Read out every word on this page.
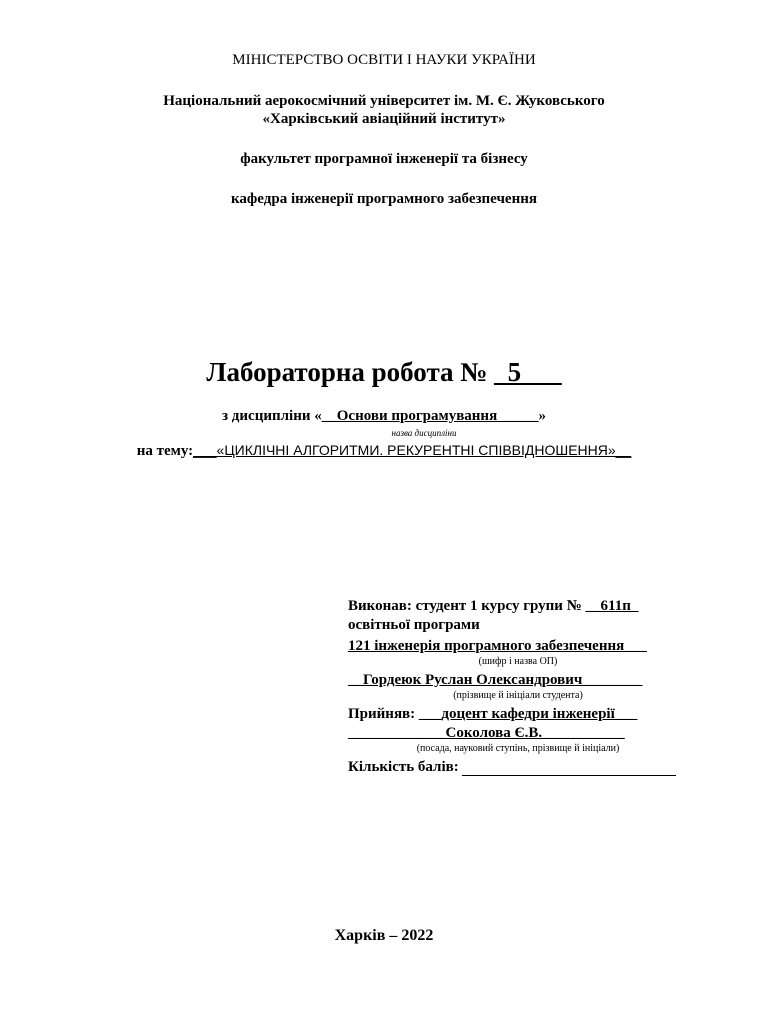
МІНІСТЕРСТВО ОСВІТИ І НАУКИ УКРАЇНИ
Національний аерокосмічний університет ім. М. Є. Жуковського
«Харківський авіаційний інститут»
факультет програмної інженерії та бізнесу
кафедра інженерії програмного забезпечення
Лабораторна робота № _5___
з дисципліни «__Основи програмування _____»
назва дисципліни
на тему:___«ЦИКЛІЧНІ АЛГОРИТМИ. РЕКУРЕНТНІ СПІВВІДНОШЕННЯ»__
Виконав: студент 1 курсу групи № __611п_
освітньої програми
121 інженерія програмного забезпечення___
(шифр і назва ОП)
__Гордеюк Руслан Олександрович________
(прізвище й ініціали студента)
Прийняв: ___доцент кафедри інженерії___
_____________Соколова Є.В.___________
(посада, науковий ступінь, прізвище й ініціали)
Кількість балів:
Харків – 2022
